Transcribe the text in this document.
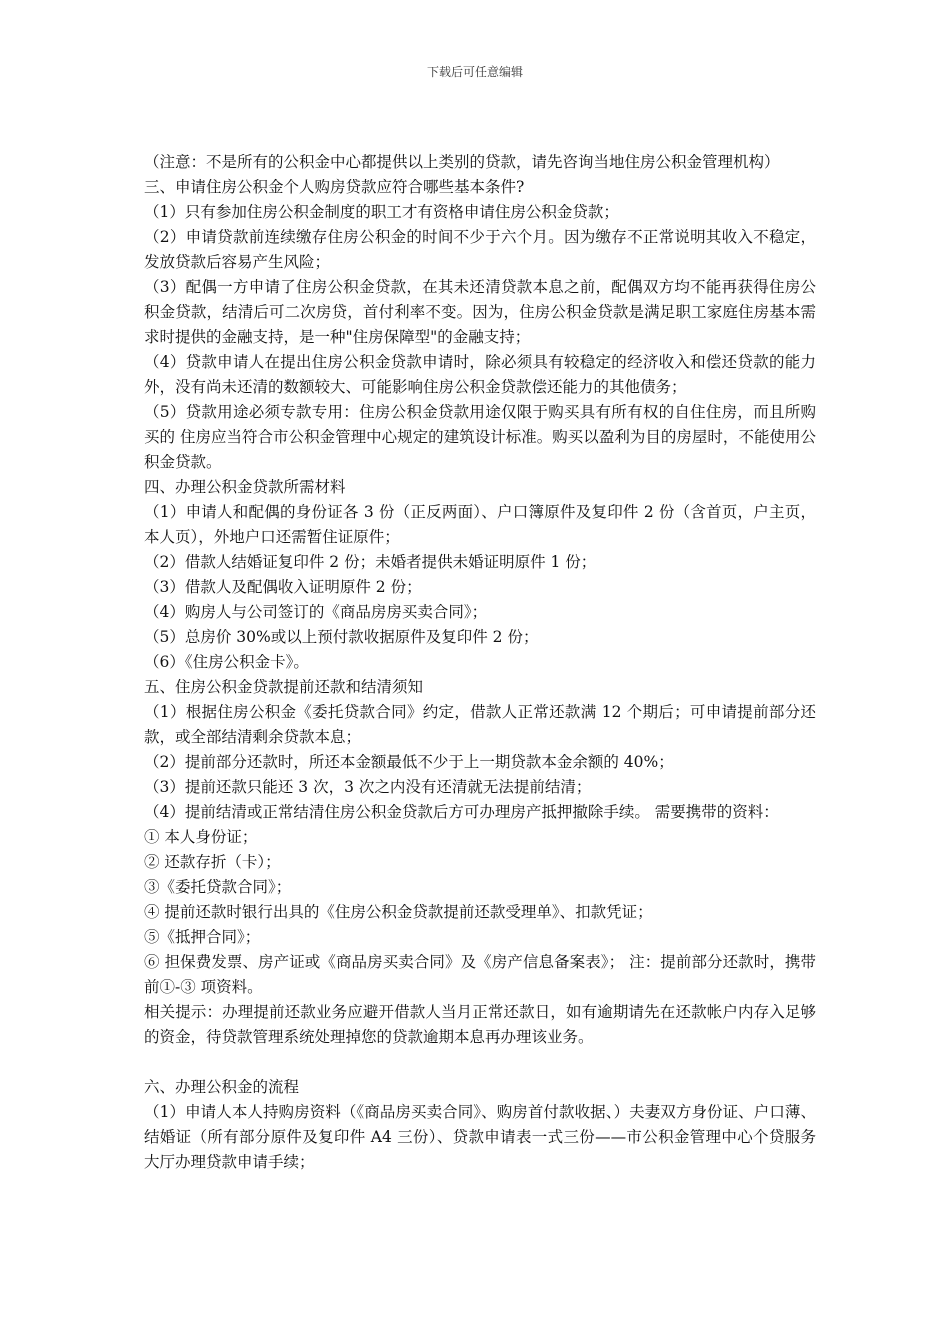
下载后可任意编辑

（注意：不是所有的公积金中心都提供以上类别的贷款，请先咨询当地住房公积金管理机构）

三、申请住房公积金个人购房贷款应符合哪些基本条件?

（1）只有参加住房公积金制度的职工才有资格申请住房公积金贷款；

（2）申请贷款前连续缴存住房公积金的时间不少于六个月。因为缴存不正常说明其收入不稳定，发放贷款后容易产生风险；

（3）配偶一方申请了住房公积金贷款，在其未还清贷款本息之前，配偶双方均不能再获得住房公积金贷款，结清后可二次房贷，首付利率不变。因为，住房公积金贷款是满足职工家庭住房基本需求时提供的金融支持，是一种"住房保障型"的金融支持；

（4）贷款申请人在提出住房公积金贷款申请时，除必须具有较稳定的经济收入和偿还贷款的能力外，没有尚未还清的数额较大、可能影响住房公积金贷款偿还能力的其他债务；

（5）贷款用途必须专款专用：住房公积金贷款用途仅限于购买具有所有权的自住住房，而且所购买的 住房应当符合市公积金管理中心规定的建筑设计标准。购买以盈利为目的房屋时，不能使用公积金贷款。

四、办理公积金贷款所需材料

（1）申请人和配偶的身份证各 3 份（正反两面）、户口簿原件及复印件 2 份（含首页，户主页，本人页），外地户口还需暂住证原件；

（2）借款人结婚证复印件 2 份；未婚者提供未婚证明原件 1 份；

（3）借款人及配偶收入证明原件 2 份；

（4）购房人与公司签订的《商品房房买卖合同》；

（5）总房价 30%或以上预付款收据原件及复印件 2 份；

（6）《住房公积金卡》。

五、住房公积金贷款提前还款和结清须知

（1）根据住房公积金《委托贷款合同》约定，借款人正常还款满 12 个期后；可申请提前部分还款，或全部结清剩余贷款本息；

（2）提前部分还款时，所还本金额最低不少于上一期贷款本金余额的 40%；

（3）提前还款只能还 3 次，3 次之内没有还清就无法提前结清；

（4）提前结清或正常结清住房公积金贷款后方可办理房产抵押撤除手续。 需要携带的资料：

① 本人身份证；

② 还款存折（卡）；

③《委托贷款合同》；

④ 提前还款时银行出具的《住房公积金贷款提前还款受理单》、扣款凭证；

⑤《抵押合同》；

⑥ 担保费发票、房产证或《商品房买卖合同》及《房产信息备案表》； 注：提前部分还款时，携带前①-③ 项资料。

相关提示：办理提前还款业务应避开借款人当月正常还款日，如有逾期请先在还款帐户内存入足够的资金，待贷款管理系统处理掉您的贷款逾期本息再办理该业务。

六、办理公积金的流程

（1）申请人本人持购房资料（《商品房买卖合同》、购房首付款收据、）夫妻双方身份证、户口薄、结婚证（所有部分原件及复印件 A4 三份）、贷款申请表一式三份——市公积金管理中心个贷服务大厅办理贷款申请手续；
